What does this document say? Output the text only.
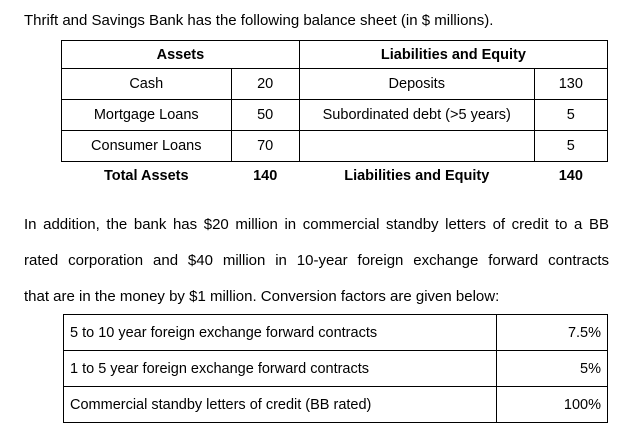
Thrift and Savings Bank has the following balance sheet (in $ millions).
Assets		Liabilities and Equity	
Cash	20	Deposits	130
Mortgage Loans	50	Subordinated debt (>5 years)	5
Consumer Loans	70		5
Total Assets	140	Liabilities and Equity	140

In addition, the bank has $20 million in commercial standby letters of credit to a BB

rated corporation and $40 million in 10-year foreign exchange forward contracts

that are in the money by $1 million. Conversion factors are given below:

5 to 10 year foreign exchange forward contracts	7.5%
1 to 5 year foreign exchange forward contracts	5%
Commercial standby letters of credit (BB rated)	100%
